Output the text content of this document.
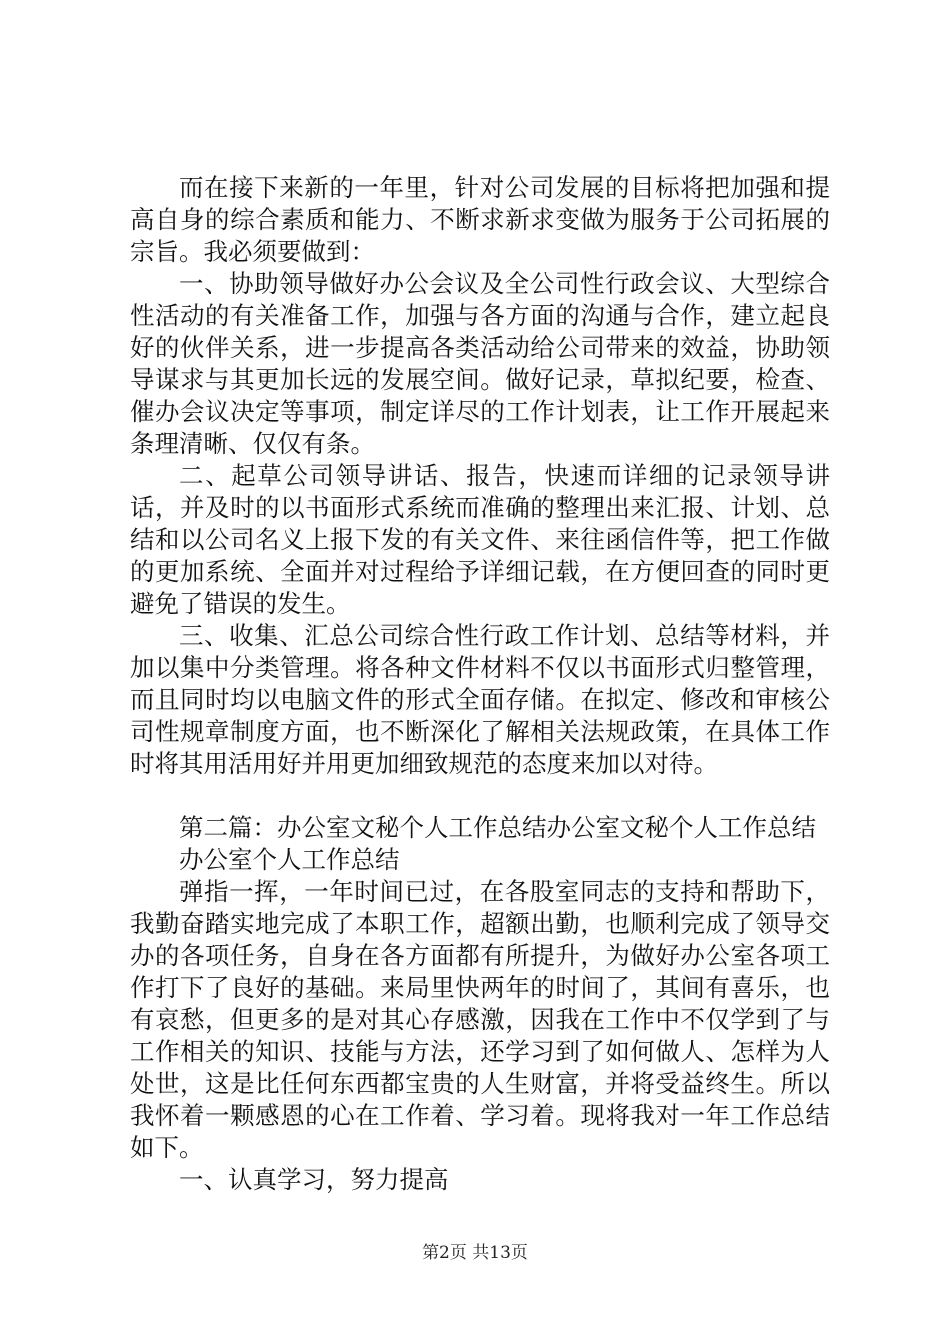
而在接下来新的一年里，针对公司发展的目标将把加强和提高自身的综合素质和能力、不断求新求变做为服务于公司拓展的宗旨。我必须要做到：

一、协助领导做好办公会议及全公司性行政会议、大型综合性活动的有关准备工作，加强与各方面的沟通与合作，建立起良好的伙伴关系，进一步提高各类活动给公司带来的效益，协助领导谋求与其更加长远的发展空间。做好记录，草拟纪要，检查、催办会议决定等事项，制定详尽的工作计划表，让工作开展起来条理清晰、仅仅有条。

二、起草公司领导讲话、报告，快速而详细的记录领导讲话，并及时的以书面形式系统而准确的整理出来汇报、计划、总结和以公司名义上报下发的有关文件、来往函信件等，把工作做的更加系统、全面并对过程给予详细记载，在方便回查的同时更避免了错误的发生。

三、收集、汇总公司综合性行政工作计划、总结等材料，并加以集中分类管理。将各种文件材料不仅以书面形式归整管理，而且同时均以电脑文件的形式全面存储。在拟定、修改和审核公司性规章制度方面，也不断深化了解相关法规政策，在具体工作时将其用活用好并用更加细致规范的态度来加以对待。

第二篇：办公室文秘个人工作总结办公室文秘个人工作总结

办公室个人工作总结

弹指一挥，一年时间已过，在各股室同志的支持和帮助下，我勤奋踏实地完成了本职工作，超额出勤，也顺利完成了领导交办的各项任务，自身在各方面都有所提升，为做好办公室各项工作打下了良好的基础。来局里快两年的时间了，其间有喜乐，也有哀愁，但更多的是对其心存感激，因我在工作中不仅学到了与工作相关的知识、技能与方法，还学习到了如何做人、怎样为人处世，这是比任何东西都宝贵的人生财富，并将受益终生。所以我怀着一颗感恩的心在工作着、学习着。现将我对一年工作总结如下。

一、认真学习，努力提高

第2页 共13页
